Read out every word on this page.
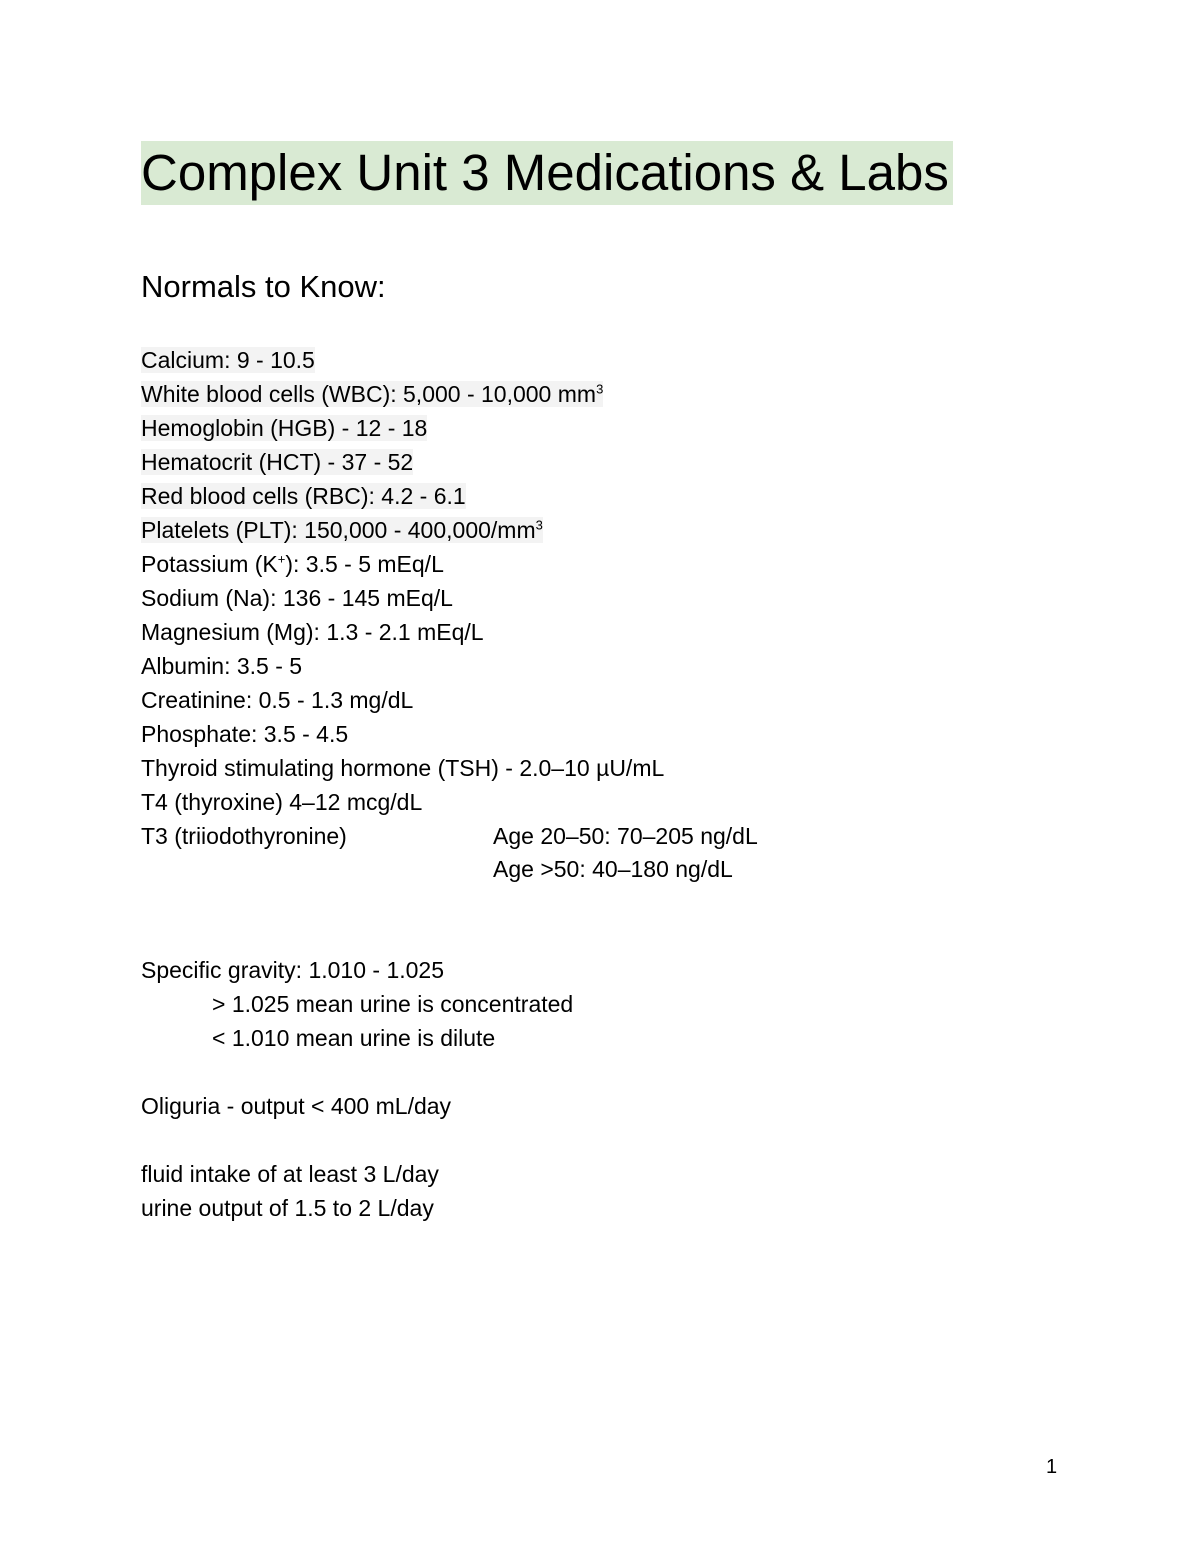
Complex Unit 3 Medications & Labs
Normals to Know:
Calcium: 9 - 10.5
White blood cells (WBC): 5,000 - 10,000 $mm^3$
Hemoglobin (HGB) - 12 - 18
Hematocrit (HCT) - 37 - 52
Red blood cells (RBC): 4.2 - 6.1
Platelets (PLT): $150,000 - 400,000/mm^3$
Potassium (K+): 3.5 - 5 mEq/L
Sodium (Na): 136 - 145 mEq/L
Magnesium (Mg): 1.3 - 2.1 mEq/L
Albumin: 3.5 - 5
Creatinine: 0.5 - 1.3 mg/dL
Phosphate: 3.5 - 4.5
Thyroid stimulating hormone (TSH) - 2.0–10 µU/mL
T4 (thyroxine) 4–12 mcg/dL
T3 (triiodothyronine)	Age 20–50: 70–205 ng/dL
Age >50: 40–180 ng/dL
Specific gravity: 1.010 - 1.025
> 1.025 mean urine is concentrated
< 1.010 mean urine is dilute
Oliguria - output < 400 mL/day
fluid intake of at least 3 L/day
urine output of 1.5 to 2 L/day
1
